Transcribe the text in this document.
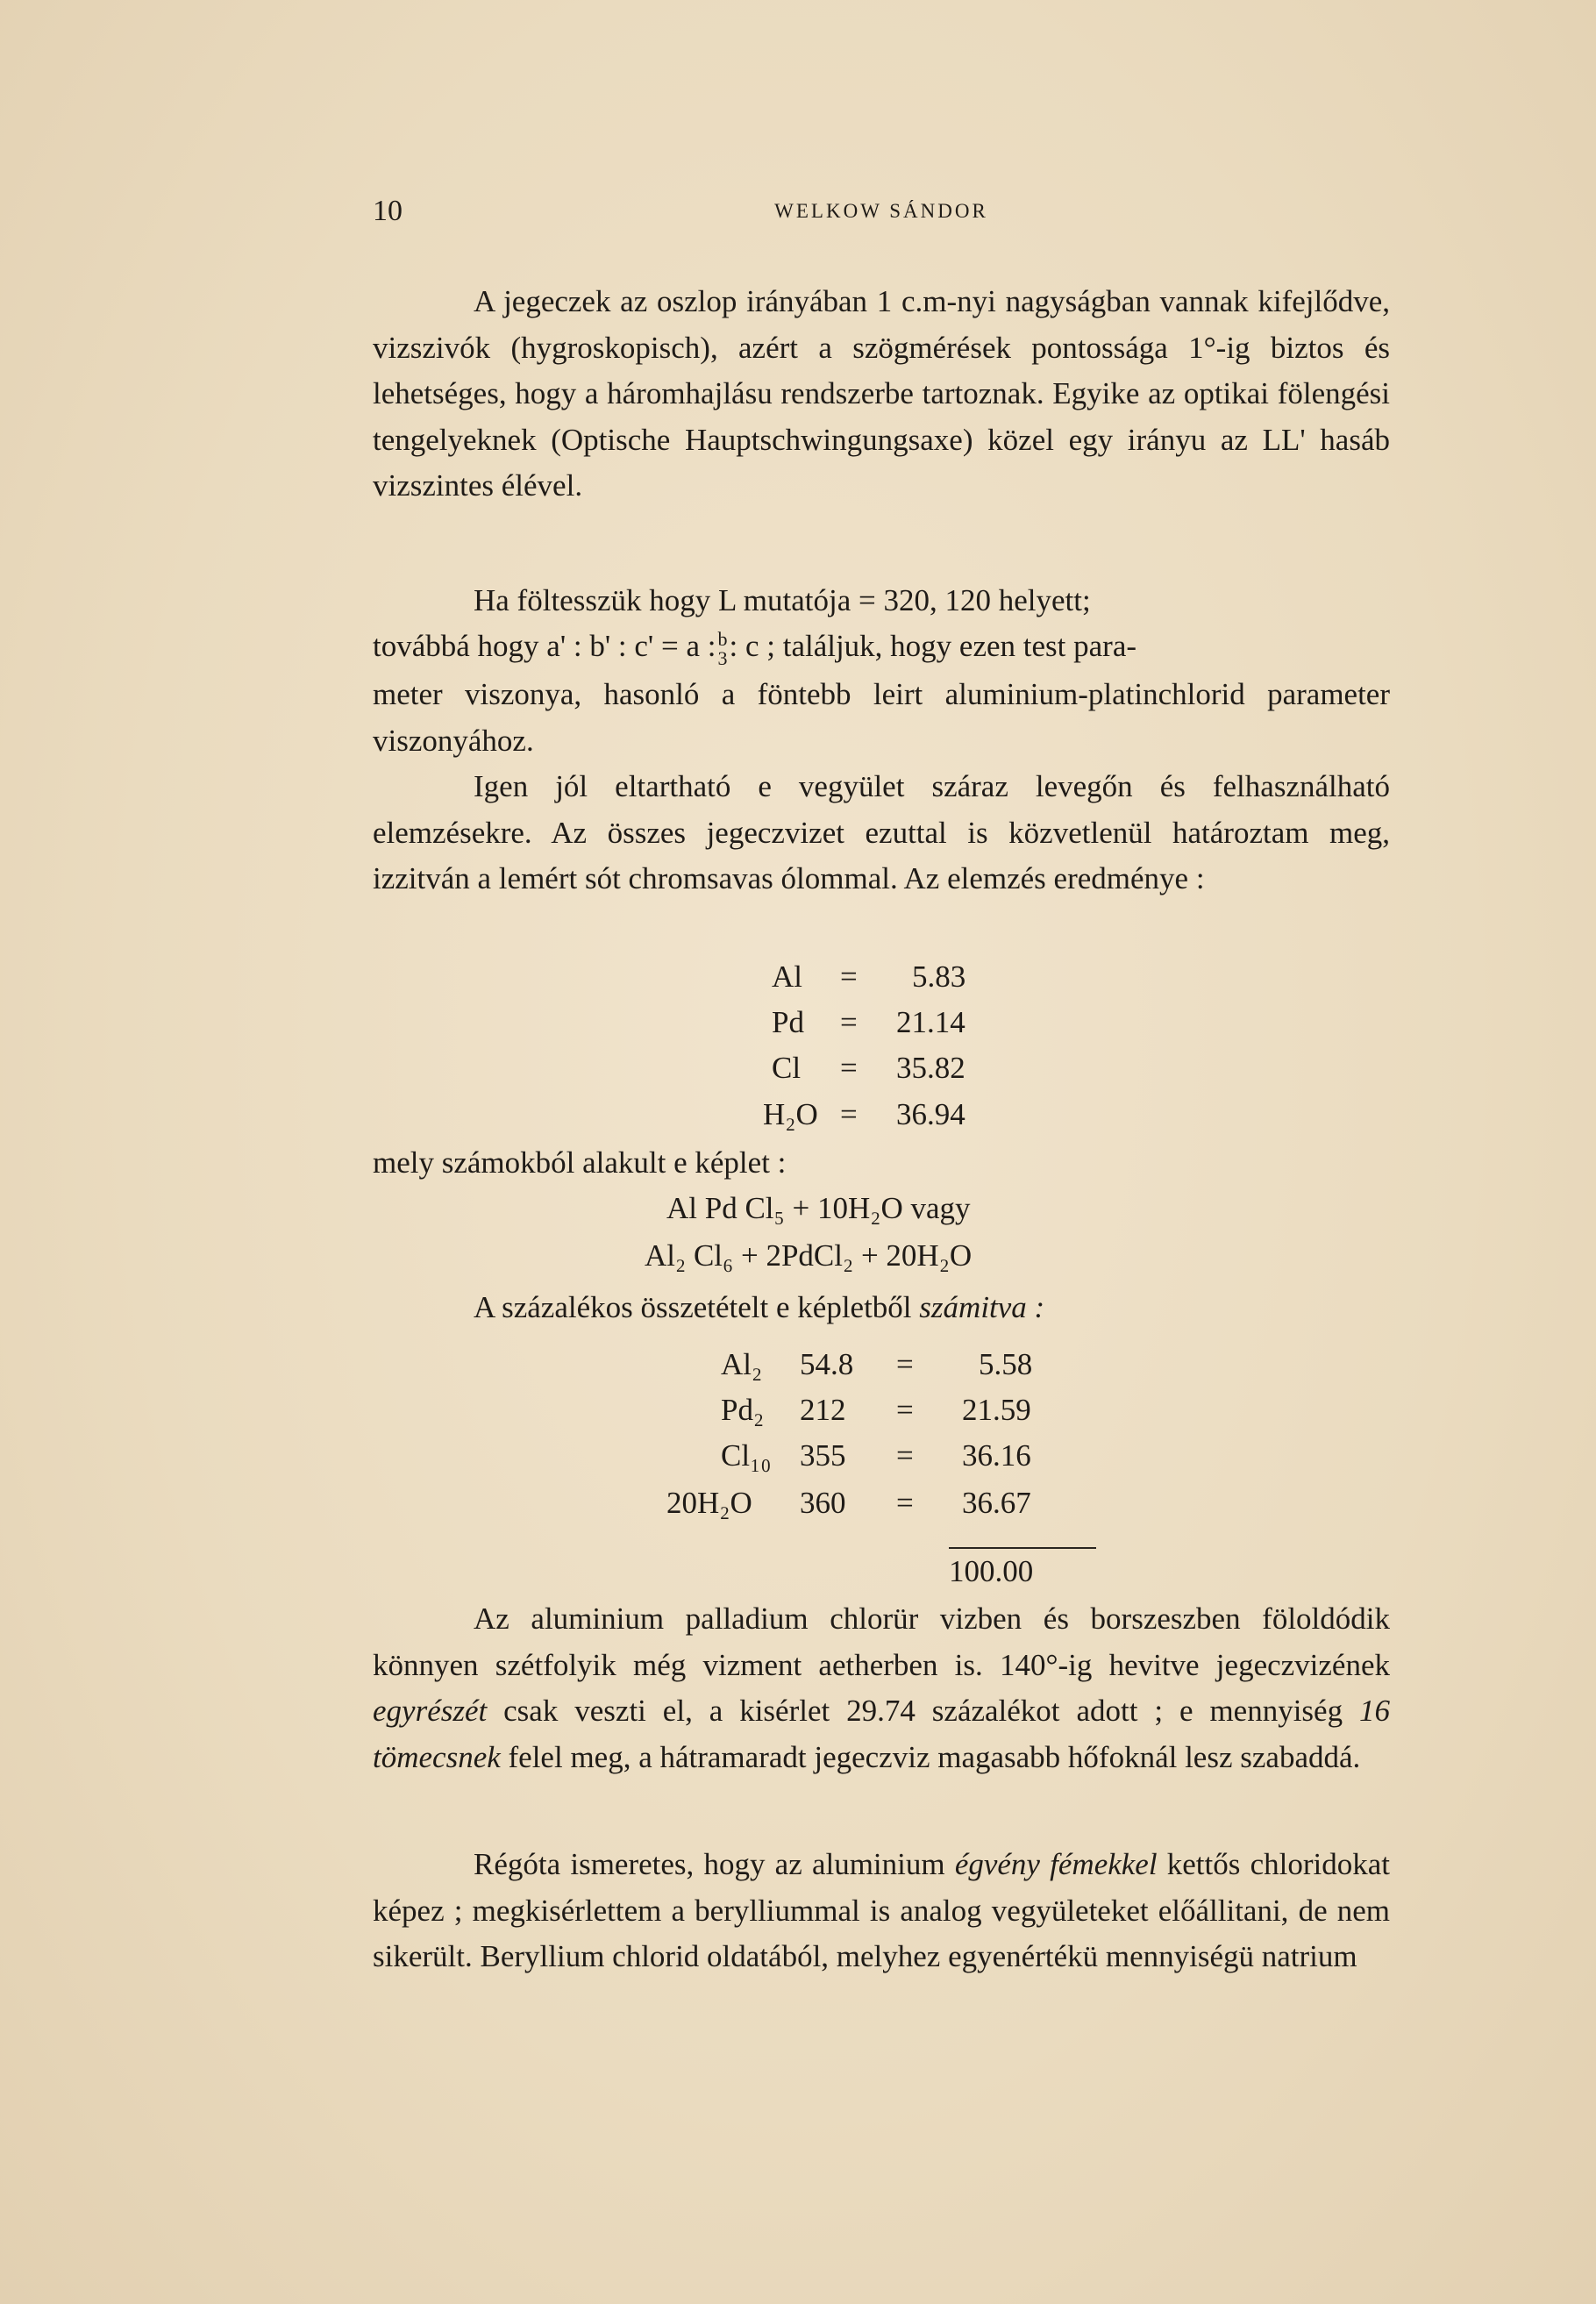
10	WELKOW SÁNDOR

A jegeczek az oszlop irányában 1 c.m-nyi nagyságban vannak kifejlődve, vizszivók (hygroskopisch), azért a szögmérések pontossága 1°-ig biztos és lehetséges, hogy a háromhajlásu rendszerbe tartoznak. Egyike az optikai fölengési tengelyeknek (Optische Hauptschwingungsaxe) közel egy irányu az LL' hasáb vizszintes élével.

Ha föltesszük hogy L mutatója = 320, 120 helyett;

továbbá hogy a' : b' : c' = a : b
3 : c ; találjuk, hogy ezen test para-

meter viszonya, hasonló a föntebb leirt aluminium-platinchlorid parameter viszonyához.

Igen jól eltartható e vegyület száraz levegőn és felhasználható elemzésekre. Az összes jegeczvizet ezuttal is közvetlenül határoztam meg, izzitván a lemért sót chromsavas ólommal. Az elemzés eredménye :

Al = 5.83
Pd = 21.14
Cl = 35.82
H₂O = 36.94
mely számokból alakult e képlet :
Al Pd Cl₅ + 10H₂O vagy
Al₂ Cl₆ + 2PdCl₂ + 20H₂O
A százalékos összetételt e képletből számitva :
Al₂ 54.8 = 5.58
Pd₂ 212 = 21.59
Cl₁₀ 355 = 36.16
20H₂O 360 = 36.67
100.00

Az aluminium palladium chlorür vizben és borszeszben föloldódik könnyen szétfolyik még vizment aetherben is. 140°-ig hevitve jegeczvizének egyrészét csak veszti el, a kisérlet 29.74 százalékot adott ; e mennyiség 16 tömecsnek felel meg, a hátramaradt jegeczviz magasabb hőfoknál lesz szabaddá.

Régóta ismeretes, hogy az aluminium égvény fémekkel kettős chloridokat képez ; megkisérlettem a berylliummal is analog vegyületeket előállitani, de nem sikerült. Beryllium chlorid oldatából, melyhez egyenértékü mennyiségü natrium
